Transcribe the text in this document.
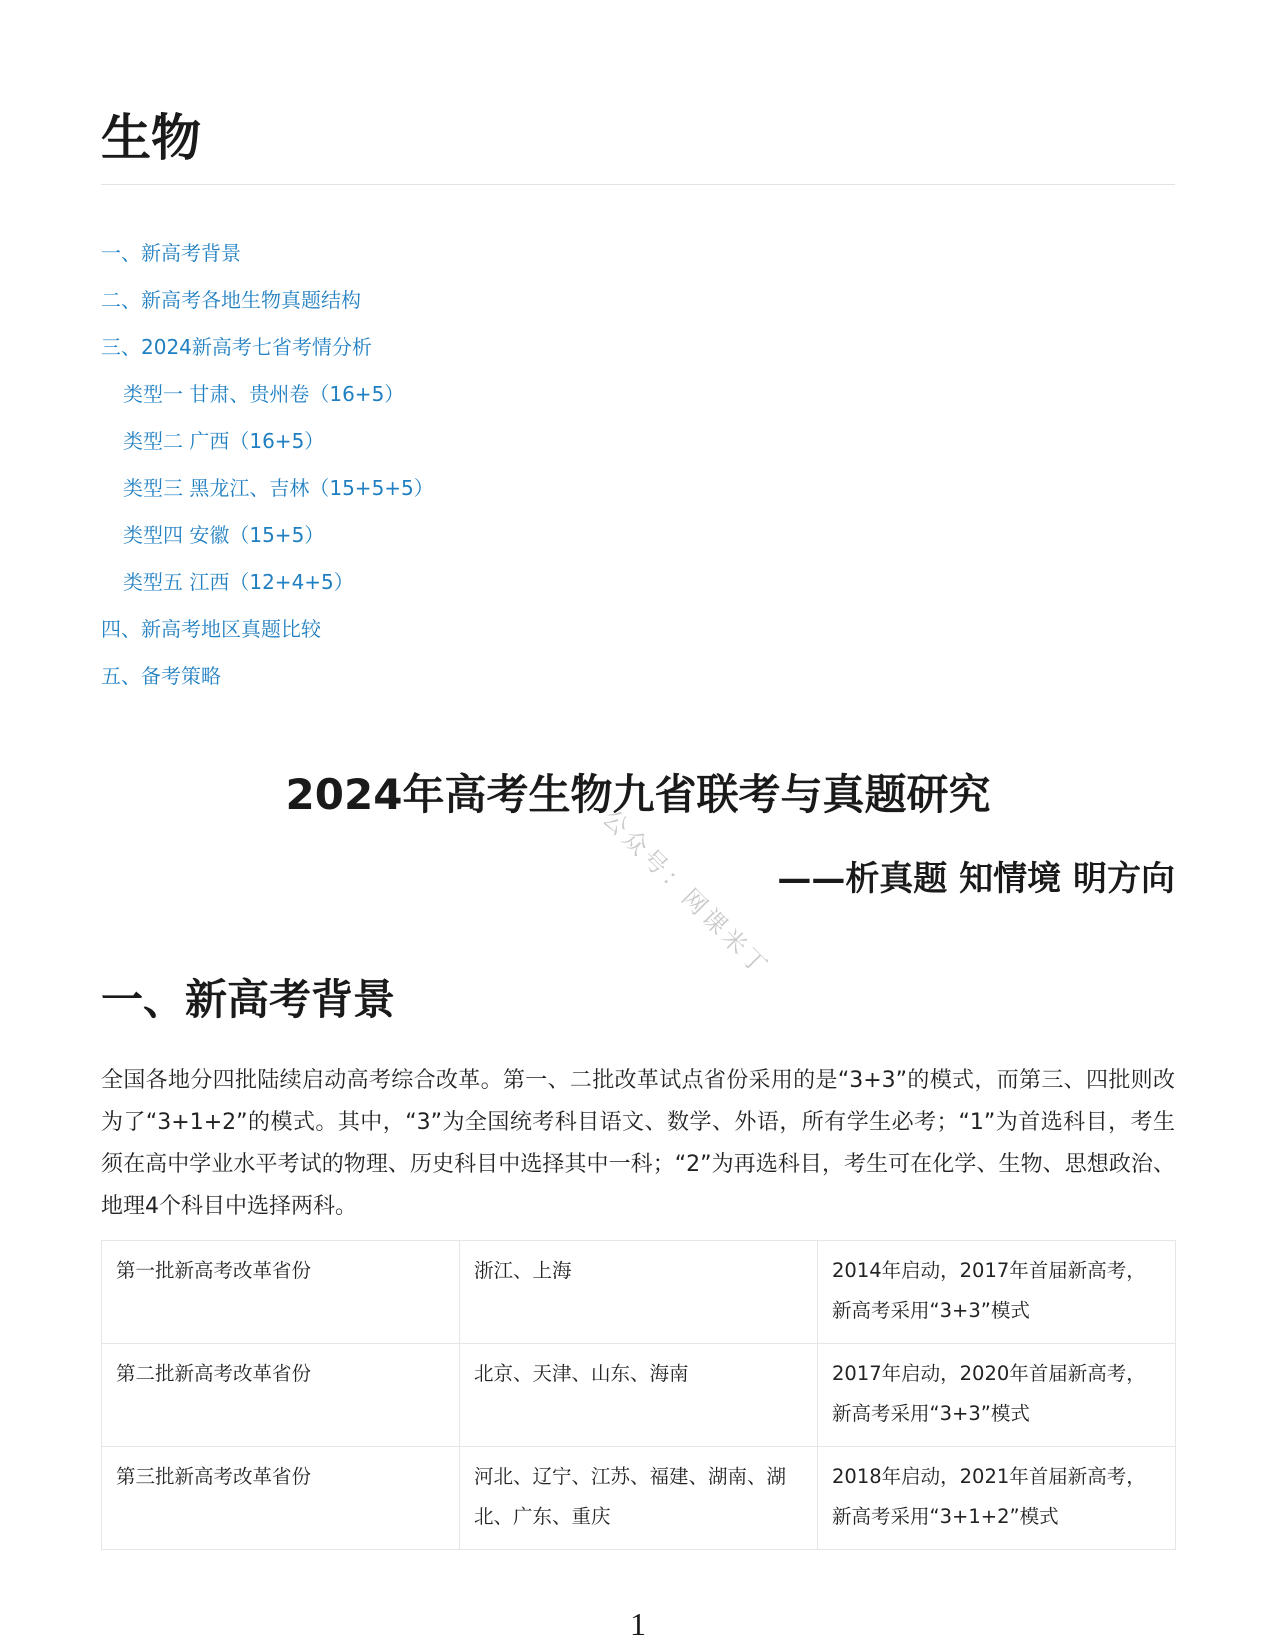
生物
一、新高考背景
二、新高考各地生物真题结构
三、2024新高考七省考情分析
类型一 甘肃、贵州卷（16+5）
类型二 广西（16+5）
类型三 黑龙江、吉林（15+5+5）
类型四 安徽（15+5）
类型五 江西（12+4+5）
四、新高考地区真题比较
五、备考策略
公众号：网课米丁
2024年高考生物九省联考与真题研究
——析真题 知情境 明方向
一、新高考背景

全国各地分四批陆续启动高考综合改革。第一、二批改革试点省份采用的是“3+3”的模式，而第三、四批则改为了“3+1+2”的模式。其中，“3”为全国统考科目语文、数学、外语，所有学生必考；“1”为首选科目，考生须在高中学业水平考试的物理、历史科目中选择其中一科；“2”为再选科目，考生可在化学、生物、思想政治、地理4个科目中选择两科。

第一批新高考改革省份	浙江、上海	2014年启动，2017年首届新高考，新高考采用“3+3”模式
第二批新高考改革省份	北京、天津、山东、海南	2017年启动，2020年首届新高考，新高考采用“3+3”模式
第三批新高考改革省份	河北、辽宁、江苏、福建、湖南、湖北、广东、重庆	2018年启动，2021年首届新高考，新高考采用“3+1+2”模式
1
